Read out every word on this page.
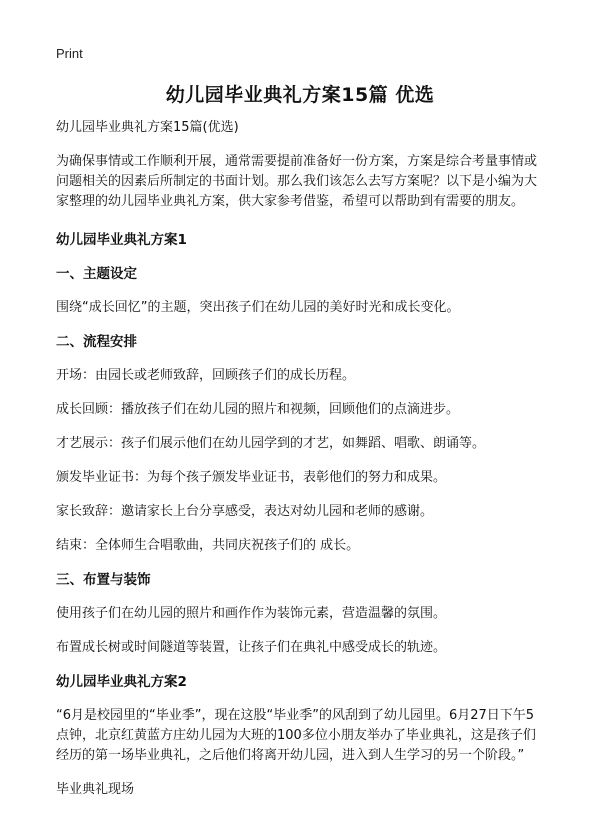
Print
幼儿园毕业典礼方案15篇 优选

幼儿园毕业典礼方案15篇(优选)

为确保事情或工作顺利开展，通常需要提前准备好一份方案，方案是综合考量事情或问题相关的因素后所制定的书面计划。那么我们该怎么去写方案呢？以下是小编为大家整理的幼儿园毕业典礼方案，供大家参考借鉴，希望可以帮助到有需要的朋友。

幼儿园毕业典礼方案1

一、主题设定

围绕“成长回忆”的主题，突出孩子们在幼儿园的美好时光和成长变化。

二、流程安排

开场：由园长或老师致辞，回顾孩子们的成长历程。

成长回顾：播放孩子们在幼儿园的照片和视频，回顾他们的点滴进步。

才艺展示：孩子们展示他们在幼儿园学到的才艺，如舞蹈、唱歌、朗诵等。

颁发毕业证书：为每个孩子颁发毕业证书，表彰他们的努力和成果。

家长致辞：邀请家长上台分享感受，表达对幼儿园和老师的感谢。

结束：全体师生合唱歌曲，共同庆祝孩子们的 成长。

三、布置与装饰

使用孩子们在幼儿园的照片和画作作为装饰元素，营造温馨的氛围。

布置成长树或时间隧道等装置，让孩子们在典礼中感受成长的轨迹。

幼儿园毕业典礼方案2

“6月是校园里的“毕业季”，现在这股“毕业季”的风刮到了幼儿园里。6月27日下午5点钟，北京红黄蓝方庄幼儿园为大班的100多位小朋友举办了毕业典礼，这是孩子们经历的第一场毕业典礼，之后他们将离开幼儿园，进入到人生学习的另一个阶段。”

毕业典礼现场
